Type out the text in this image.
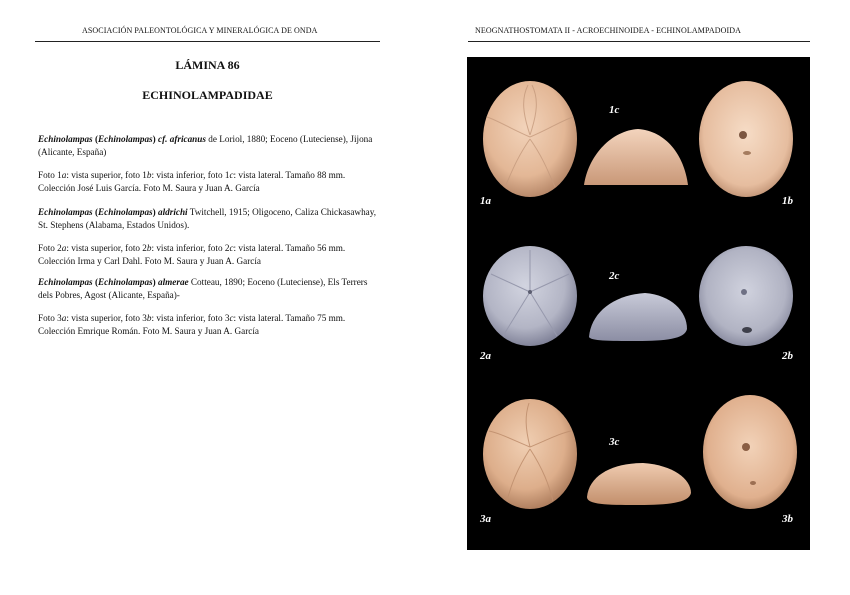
ASOCIACIÓN PALEONTOLÓGICA Y MINERALÓGICA DE ONDA	NEOGNATHOSTOMATA II - ACROECHINOIDEA - ECHINOLAMPADOIDA
LÁMINA 86
ECHINOLAMPADIDAE

Echinolampas (Echinolampas) cf. africanus de Loriol, 1880; Eoceno (Luteciense), Jijona (Alicante, España)

Foto 1a: vista superior, foto 1b: vista inferior, foto 1c: vista lateral. Tamaño 88 mm. Colección José Luis García. Foto M. Saura y Juan A. García

Echinolampas (Echinolampas) aldrichi Twitchell, 1915; Oligoceno, Caliza Chickasawhay, St. Stephens (Alabama, Estados Unidos).

Foto 2a: vista superior, foto 2b: vista inferior, foto 2c: vista lateral. Tamaño 56 mm. Colección Irma y Carl Dahl. Foto M. Saura y Juan A. García

Echinolampas (Echinolampas) almerae Cotteau, 1890; Eoceno (Luteciense), Els Terrers dels Pobres, Agost (Alicante, España)-

Foto 3a: vista superior, foto 3b: vista inferior, foto 3c: vista lateral. Tamaño 75 mm. Colección Emrique Román. Foto M. Saura y Juan A. García

1a
1c
1b
2a
2c
2b
3a
3c
3b
